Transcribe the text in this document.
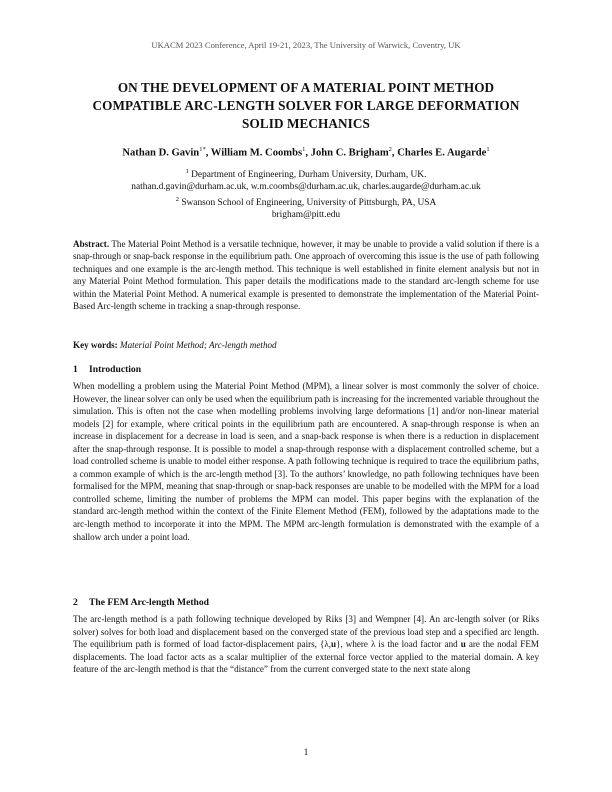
UKACM 2023 Conference, April 19-21, 2023, The University of Warwick, Coventry, UK
ON THE DEVELOPMENT OF A MATERIAL POINT METHOD
COMPATIBLE ARC-LENGTH SOLVER FOR LARGE DEFORMATION
SOLID MECHANICS
Nathan D. Gavin$^{1*}$, William M. Coombs$^1$, John C. Brigham$^2$, Charles E. Augarde$^1$
$^1$ Department of Engineering, Durham University, Durham, UK.
nathan.d.gavin@durham.ac.uk, w.m.coombs@durham.ac.uk, charles.augarde@durham.ac.uk
$^2$ Swanson School of Engineering, University of Pittsburgh, PA, USA
brigham@pitt.edu
Abstract. The Material Point Method is a versatile technique, however, it may be unable to provide a valid solution if there is a snap-through or snap-back response in the equilibrium path. One approach of overcoming this issue is the use of path following techniques and one example is the arc-length method. This technique is well established in finite element analysis but not in any Material Point Method formulation. This paper details the modifications made to the standard arc-length scheme for use within the Material Point Method. A numerical example is presented to demonstrate the implementation of the Material Point-Based Arc-length scheme in tracking a snap-through response.
Key words: Material Point Method; Arc-length method
1 Introduction
When modelling a problem using the Material Point Method (MPM), a linear solver is most commonly the solver of choice. However, the linear solver can only be used when the equilibrium path is increasing for the incremented variable throughout the simulation. This is often not the case when modelling problems involving large deformations [1] and/or non-linear material models [2] for example, where critical points in the equilibrium path are encountered. A snap-through response is when an increase in displacement for a decrease in load is seen, and a snap-back response is when there is a reduction in displacement after the snap-through response. It is possible to model a snap-through response with a displacement controlled scheme, but a load controlled scheme is unable to model either response. A path following technique is required to trace the equilibrium paths, a common example of which is the arc-length method [3]. To the authors’ knowledge, no path following techniques have been formalised for the MPM, meaning that snap-through or snap-back responses are unable to be modelled with the MPM for a load controlled scheme, limiting the number of problems the MPM can model. This paper begins with the explanation of the standard arc-length method within the context of the Finite Element Method (FEM), followed by the adaptations made to the arc-length method to incorporate it into the MPM. The MPM arc-length formulation is demonstrated with the example of a shallow arch under a point load.
2 The FEM Arc-length Method
The arc-length method is a path following technique developed by Riks [3] and Wempner [4]. An arc-length solver (or Riks solver) solves for both load and displacement based on the converged state of the previous load step and a specified arc length. The equilibrium path is formed of load factor-displacement pairs, {λ,u}, where λ is the load factor and u are the nodal FEM displacements. The load factor acts as a scalar multiplier of the external force vector applied to the material domain. A key feature of the arc-length method is that the “distance” from the current converged state to the next state along
1
